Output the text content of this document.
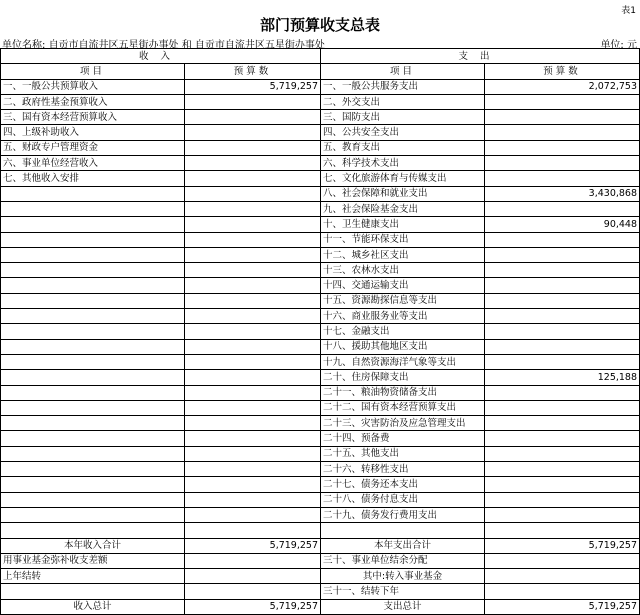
表1
部门预算收支总表
单位名称: 自贡市自流井区五星街办事处 和 自贡市自流井区五星街办事处	单位: 元
收入		支出	
项目	预算数	项目	预算数
一、一般公共预算收入	5,719,257	一、一般公共服务支出	2,072,753
二、政府性基金预算收入		二、外交支出	
三、国有资本经营预算收入		三、国防支出	
四、上级补助收入		四、公共安全支出	
五、财政专户管理资金		五、教育支出	
六、事业单位经营收入		六、科学技术支出	
七、其他收入安排		七、文化旅游体育与传媒支出	
		八、社会保障和就业支出	3,430,868
		九、社会保险基金支出	
		十、卫生健康支出	90,448
		十一、节能环保支出	
		十二、城乡社区支出	
		十三、农林水支出	
		十四、交通运输支出	
		十五、资源勘探信息等支出	
		十六、商业服务业等支出	
		十七、金融支出	
		十八、援助其他地区支出	
		十九、自然资源海洋气象等支出	
		二十、住房保障支出	125,188
		二十一、粮油物资储备支出	
		二十二、国有资本经营预算支出	
		二十三、灾害防治及应急管理支出	
		二十四、预备费	
		二十五、其他支出	
		二十六、转移性支出	
		二十七、债务还本支出	
		二十八、债务付息支出	
		二十九、债务发行费用支出	

本年收入合计	5,719,257	本年支出合计	5,719,257
用事业基金弥补收支差额		三十、事业单位结余分配	
上年结转		其中:转入事业基金	
		三十一、结转下年	
收入总计	5,719,257	支出总计	5,719,257
